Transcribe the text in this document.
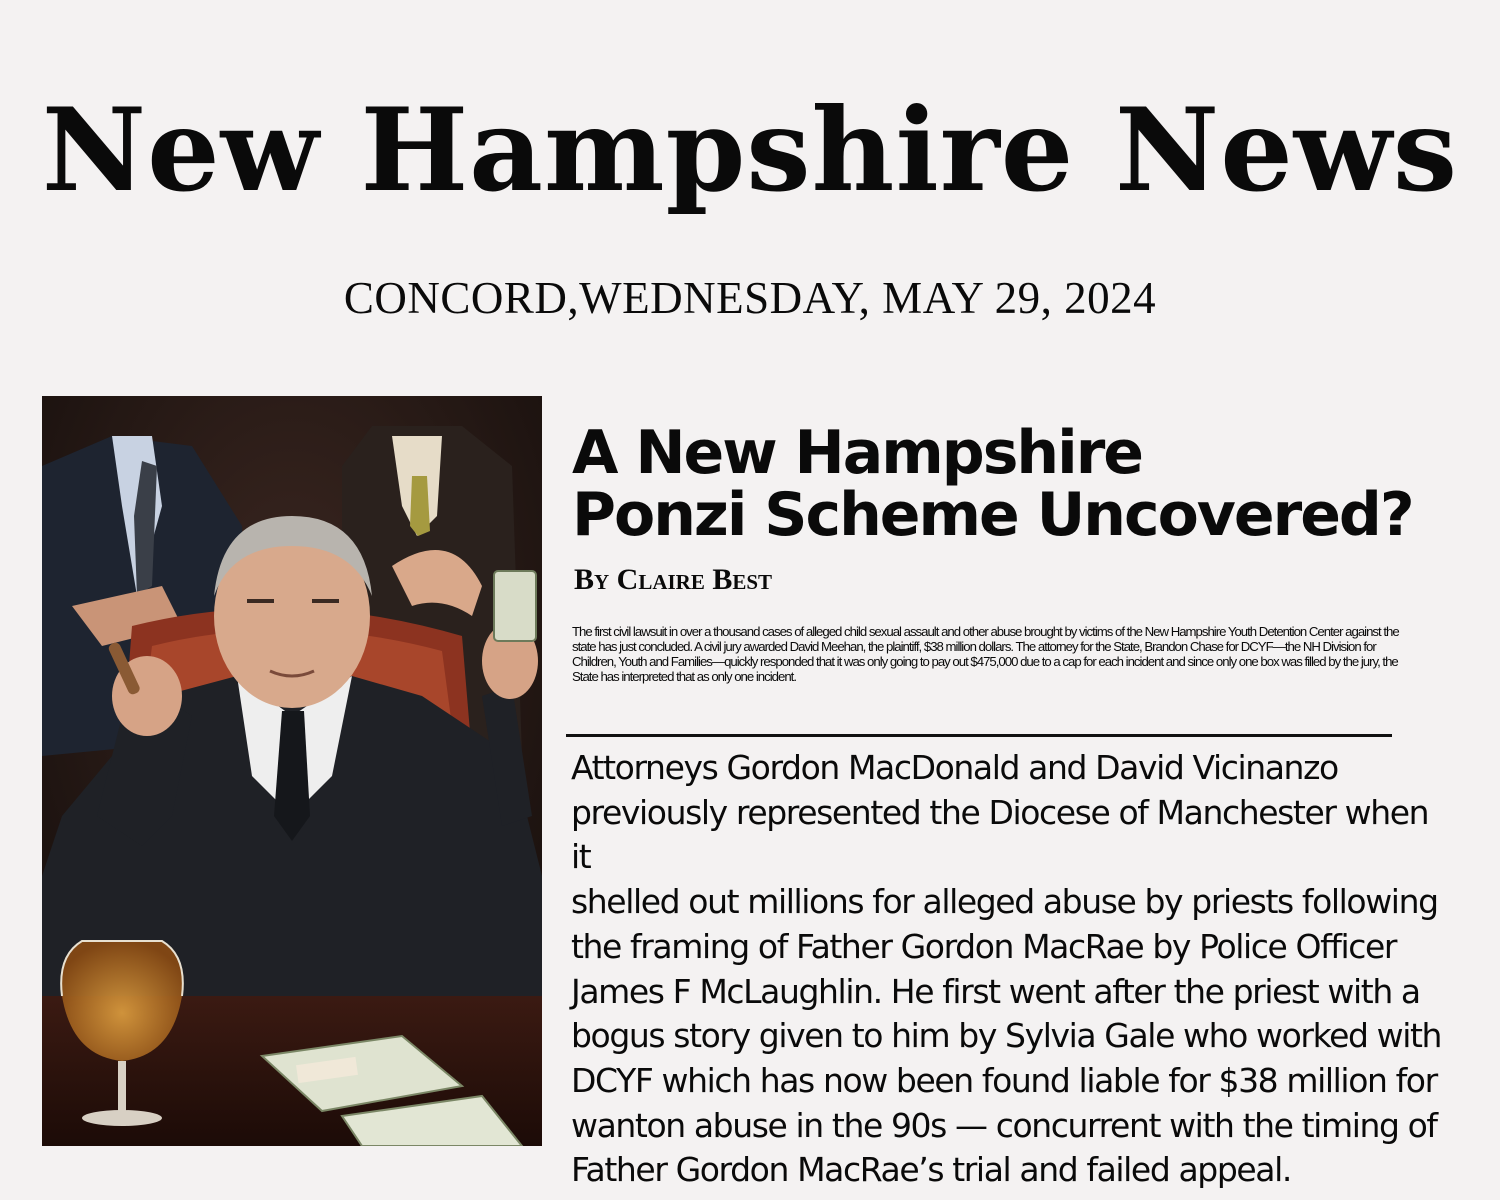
New Hampshire News
CONCORD,WEDNESDAY, MAY 29, 2024
A New Hampshire
Ponzi Scheme Uncovered?
By Claire Best
The first civil lawsuit in over a thousand cases of alleged child sexual assault and other abuse brought by victims of the New Hampshire Youth Detention Center against the state has just concluded. A civil jury awarded David Meehan, the plaintiff, $38 million dollars. The attorney for the State, Brandon Chase for DCYF—the NH Division for Children, Youth and Families—quickly responded that it was only going to pay out $475,000 due to a cap for each incident and since only one box was filled by the jury, the State has interpreted that as only one incident.
Attorneys Gordon MacDonald and David Vicinanzo
previously represented the Diocese of Manchester when it
shelled out millions for alleged abuse by priests following
the framing of Father Gordon MacRae by Police Officer
James F McLaughlin. He first went after the priest with a
bogus story given to him by Sylvia Gale who worked with
DCYF which has now been found liable for $38 million for
wanton abuse in the 90s — concurrent with the timing of
Father Gordon MacRae’s trial and failed appeal.
